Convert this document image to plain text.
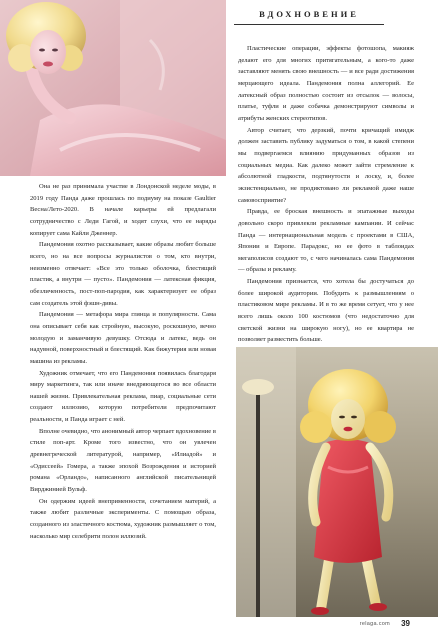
ВДОХНОВЕНИЕ

Пластические операции, эффекты фотошопа, макияж делают его для многих притягательным, а кого-то даже заставляют менять свою внешность — и все ради достижения мерцающего идеала. Пандемония полна аллегорий. Ее латексный образ полностью состоит из отсылок — волосы, платье, туфли и даже собачка демонстрируют символы и атрибуты женских стереотипов.

Автор считает, что дерзкий, почти кричащий имидж должен заставить публику задуматься о том, в какой степени мы подвергаемся влиянию придуманных образов из социальных медиа. Как далеко может зайти стремление к абсолютной гладкости, подтянутости и лоску, и, более экзистенциально, не продиктовано ли рекламой даже наше самовосприятие?

Правда, ее броская внешность и эпатажные выходы довольно скоро привлекли рекламные кампании. И сейчас Панда — интернациональная модель с проектами в США, Японии и Европе. Парадокс, но ее фото в таблоидах мегаполисов создают то, с чего начиналась сама Пандемония — образы и рекламу.

Пандемония признается, что хотела бы достучаться до более широкой аудитории. Побудить к размышлениям о пластиковом мире рекламы. И в то же время сетует, что у нее всего лишь около 100 костюмов (что недостаточно для светской жизни на широкую ногу), но ее квартира не позволяет разместить больше.

Она не раз принимала участие в Лондонской неделе моды, в 2019 году Панда даже прошлась по подиуму на показе Gaultier Весна/Лето-2020. В начале карьеры ей предлагали сотрудничество с Леди Гагой, и ходят слухи, что ее наряды копирует сама Кайли Дженнер.

Пандемония охотно рассказывает, какие образы любит больше всего, но на все вопросы журналистов о том, кто внутри, неизменно отвечает: «Все это только оболочка, блестящий пластик, а внутри — пусто». Пандемония — латексная фикция, обезличенность, пост-поп-пародия, как характеризует ее образ сам создатель этой фэшн-дивы.

Пандемония — метафора мира глянца и популярности. Сама она описывает себя как стройную, высокую, роскошную, вечно молодую и заманчивую девушку. Отсюда и латекс, ведь он надувной, поверхностный и блестящий. Как бижутерия или новая машина из рекламы.

Художник отмечает, что его Пандемония появилась благодаря миру маркетинга, так или иначе внедряющегося во все области нашей жизни. Привлекательная реклама, пиар, социальные сети создают иллюзию, которую потребители предпочитают реальности, и Панда играет с ней.

Вполне очевидно, что анонимный автор черпает вдохновение в стиле поп-арт. Кроме того известно, что он увлечен древнегреческой литературой, например, «Илиадой» и «Одиссеей» Гомера, а также эпохой Возрождения и историей романа «Орландо», написанного английской писательницей Вирджинией Вульф.

Он одержим идеей внеприменности, сочетанием материй, а также любит различные эксперименты. С помощью образа, созданного из эластичного костюма, художник размышляет о том, насколько мир селебрити полон иллюзий.

relaga.com 39
